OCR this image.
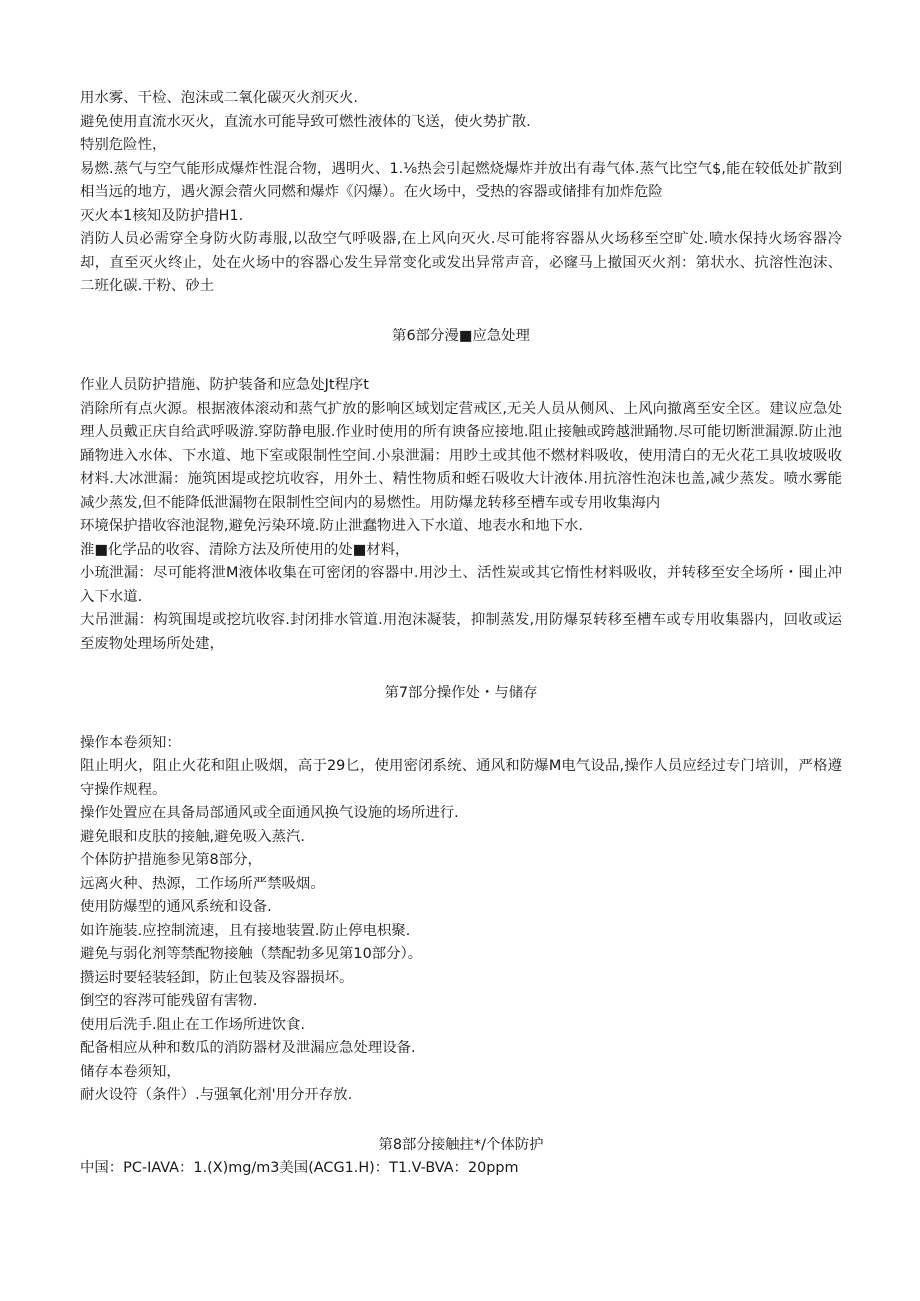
用水雾、干检、泡沫或二氧化碳灭火剂灭火.

避免使用直流水灭火，直流水可能导致可燃性液体的飞送，使火势扩散.

特别危险性，

易燃.蒸气与空气能形成爆炸性混合物，遇明火、1.⅛热会引起燃烧爆炸并放出有毒气体.蒸气比空气$,能在较低处扩散到相当远的地方，遇火源会蓿火同燃和爆炸《闪爆）。在火场中，受热的容器或储排有加炸危险

灭火本1核知及防护措H1.

消防人员必需穿全身防火防毒服,以敌空气呼吸器,在上风向灭火.尽可能将容器从火场移至空旷处.喷水保持火场容器冷却，直至灭火终止，处在火场中的容器心发生异常变化或发出异常声音，必窿马上撤国灭火剂：第状水、抗溶性泡沫、二班化碳.干粉、砂土

第6部分漫■应急处理

作业人员防护措施、防护装备和应急处Jt程序t

消除所有点火源。根据液体滚动和蒸气扩放的影响区域划定营戒区,无关人员从侧风、上风向撤离至安全区。建议应急处理人员戴正庆自给武呼吸游.穿防静电服.作业时使用的所有谀备应接地.阻止接触或跨越泄踊物.尽可能切断泄漏源.防止池踊物进入水体、下水道、地下室或限制性空间.小泉泄漏：用眇土或其他不燃材料吸收，使用清白的无火花工具收坡吸收材料.大冰泄漏：施筑困堤或挖坑收容，用外土、精性物质和蛭石吸收大计液体.用抗溶性泡沫也盖,减少蒸发。喷水雾能减少蒸发,但不能降低泄漏物在限制性空间内的易燃性。用防爆龙转移至槽车或专用收集海内

环境保护措收容池混物,避免污染环境.防止泄蠢物进入下水道、地表水和地下水.

淮■化学品的收容、清除方法及所使用的处■材料，

小琉泄漏：尽可能将泄M液体收集在可密闭的容器中.用沙土、活性炭或其它惰性材料吸收，并转移至安全场所・囤止冲入下水道.

大吊泄漏：构筑围堤或挖坑收容.封闭排水管道.用泡沫凝装，抑制蒸发,用防爆泵转移至槽车或专用收集器内，回收或运至废物处理场所处建，

第7部分操作处・与储存

操作本卷须知：

阻止明火，阻止火花和阻止吸烟，高于29匕，使用密闭系统、通风和防爆M电气设品,操作人员应经过专门培训，严格遵守操作规程。

操作处置应在具备局部通风或全面通风换气设施的场所进行.

避免眼和皮肤的接触,避免吸入蒸汽.

个体防护措施参见第8部分，

远离火种、热源，工作场所严禁吸烟。

使用防爆型的通风系统和设备.

如许施装.应控制流速，且有接地装置.防止停电枳聚.

避免与弱化剂等禁配物接触（禁配勃多见第10部分）。

攒运时要轻装轻卸，防止包装及容器损坏。

倒空的容涔可能残留有害物.

使用后洗手.阻止在工作场所进饮食.

配备相应从种和数瓜的消防器材及泄漏应急处理设备.

储存本卷须知，

耐火设符（条件）.与强氧化剂'用分开存放.

第8部分接触拄*/个体防护

中国：PC-IAVA：1.(X)mg/m3美国(ACG1.H)：T1.V-BVA：20ppm
